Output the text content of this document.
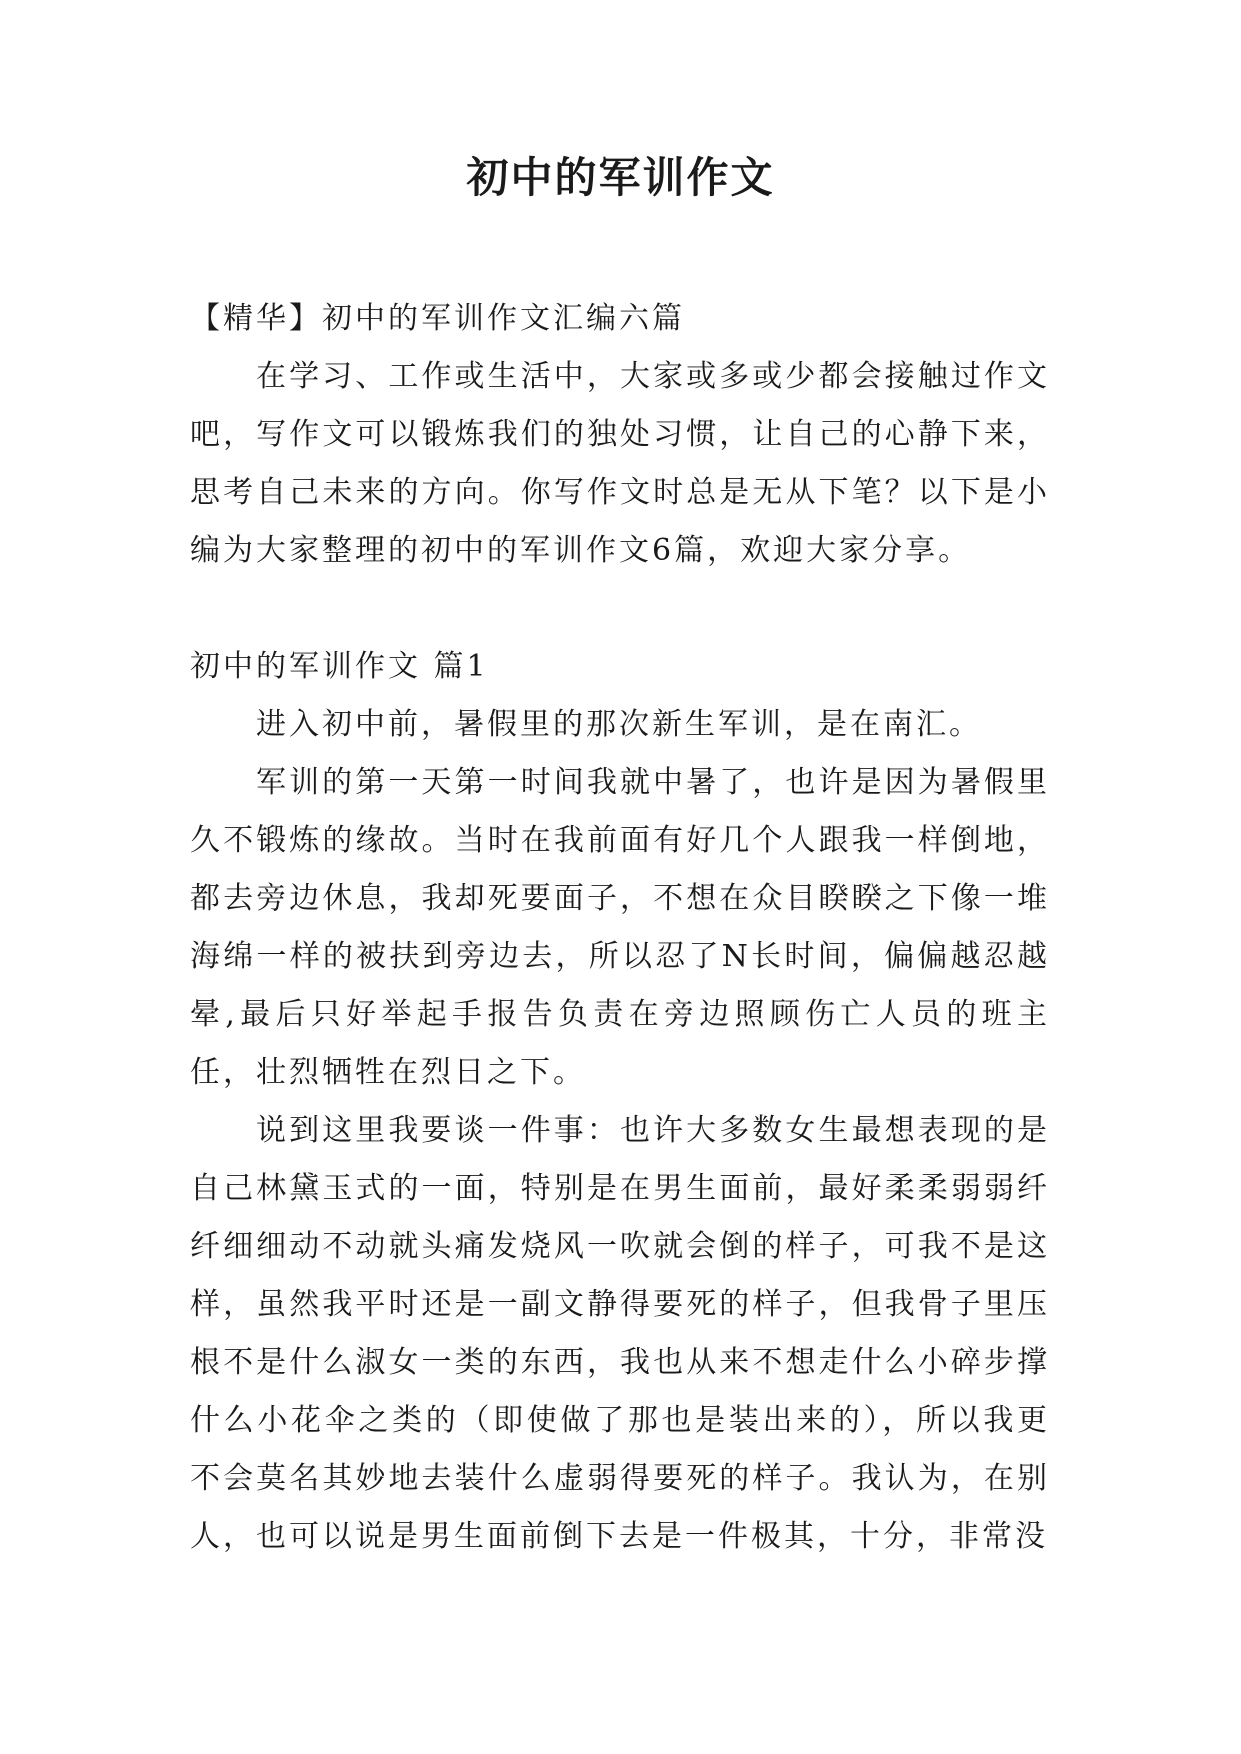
初中的军训作文

【精华】初中的军训作文汇编六篇

在学习、工作或生活中，大家或多或少都会接触过作文吧，写作文可以锻炼我们的独处习惯，让自己的心静下来，思考自己未来的方向。你写作文时总是无从下笔？以下是小编为大家整理的初中的军训作文6篇，欢迎大家分享。

初中的军训作文 篇1

进入初中前，暑假里的那次新生军训，是在南汇。

军训的第一天第一时间我就中暑了，也许是因为暑假里久不锻炼的缘故。当时在我前面有好几个人跟我一样倒地，都去旁边休息，我却死要面子，不想在众目睽睽之下像一堆海绵一样的被扶到旁边去，所以忍了N长时间，偏偏越忍越晕,最后只好举起手报告负责在旁边照顾伤亡人员的班主任，壮烈牺牲在烈日之下。

说到这里我要谈一件事：也许大多数女生最想表现的是自己林黛玉式的一面，特别是在男生面前，最好柔柔弱弱纤纤细细动不动就头痛发烧风一吹就会倒的样子，可我不是这样，虽然我平时还是一副文静得要死的样子，但我骨子里压根不是什么淑女一类的东西，我也从来不想走什么小碎步撑什么小花伞之类的（即使做了那也是装出来的），所以我更不会莫名其妙地去装什么虚弱得要死的样子。我认为，在别人，也可以说是男生面前倒下去是一件极其，十分，非常没
